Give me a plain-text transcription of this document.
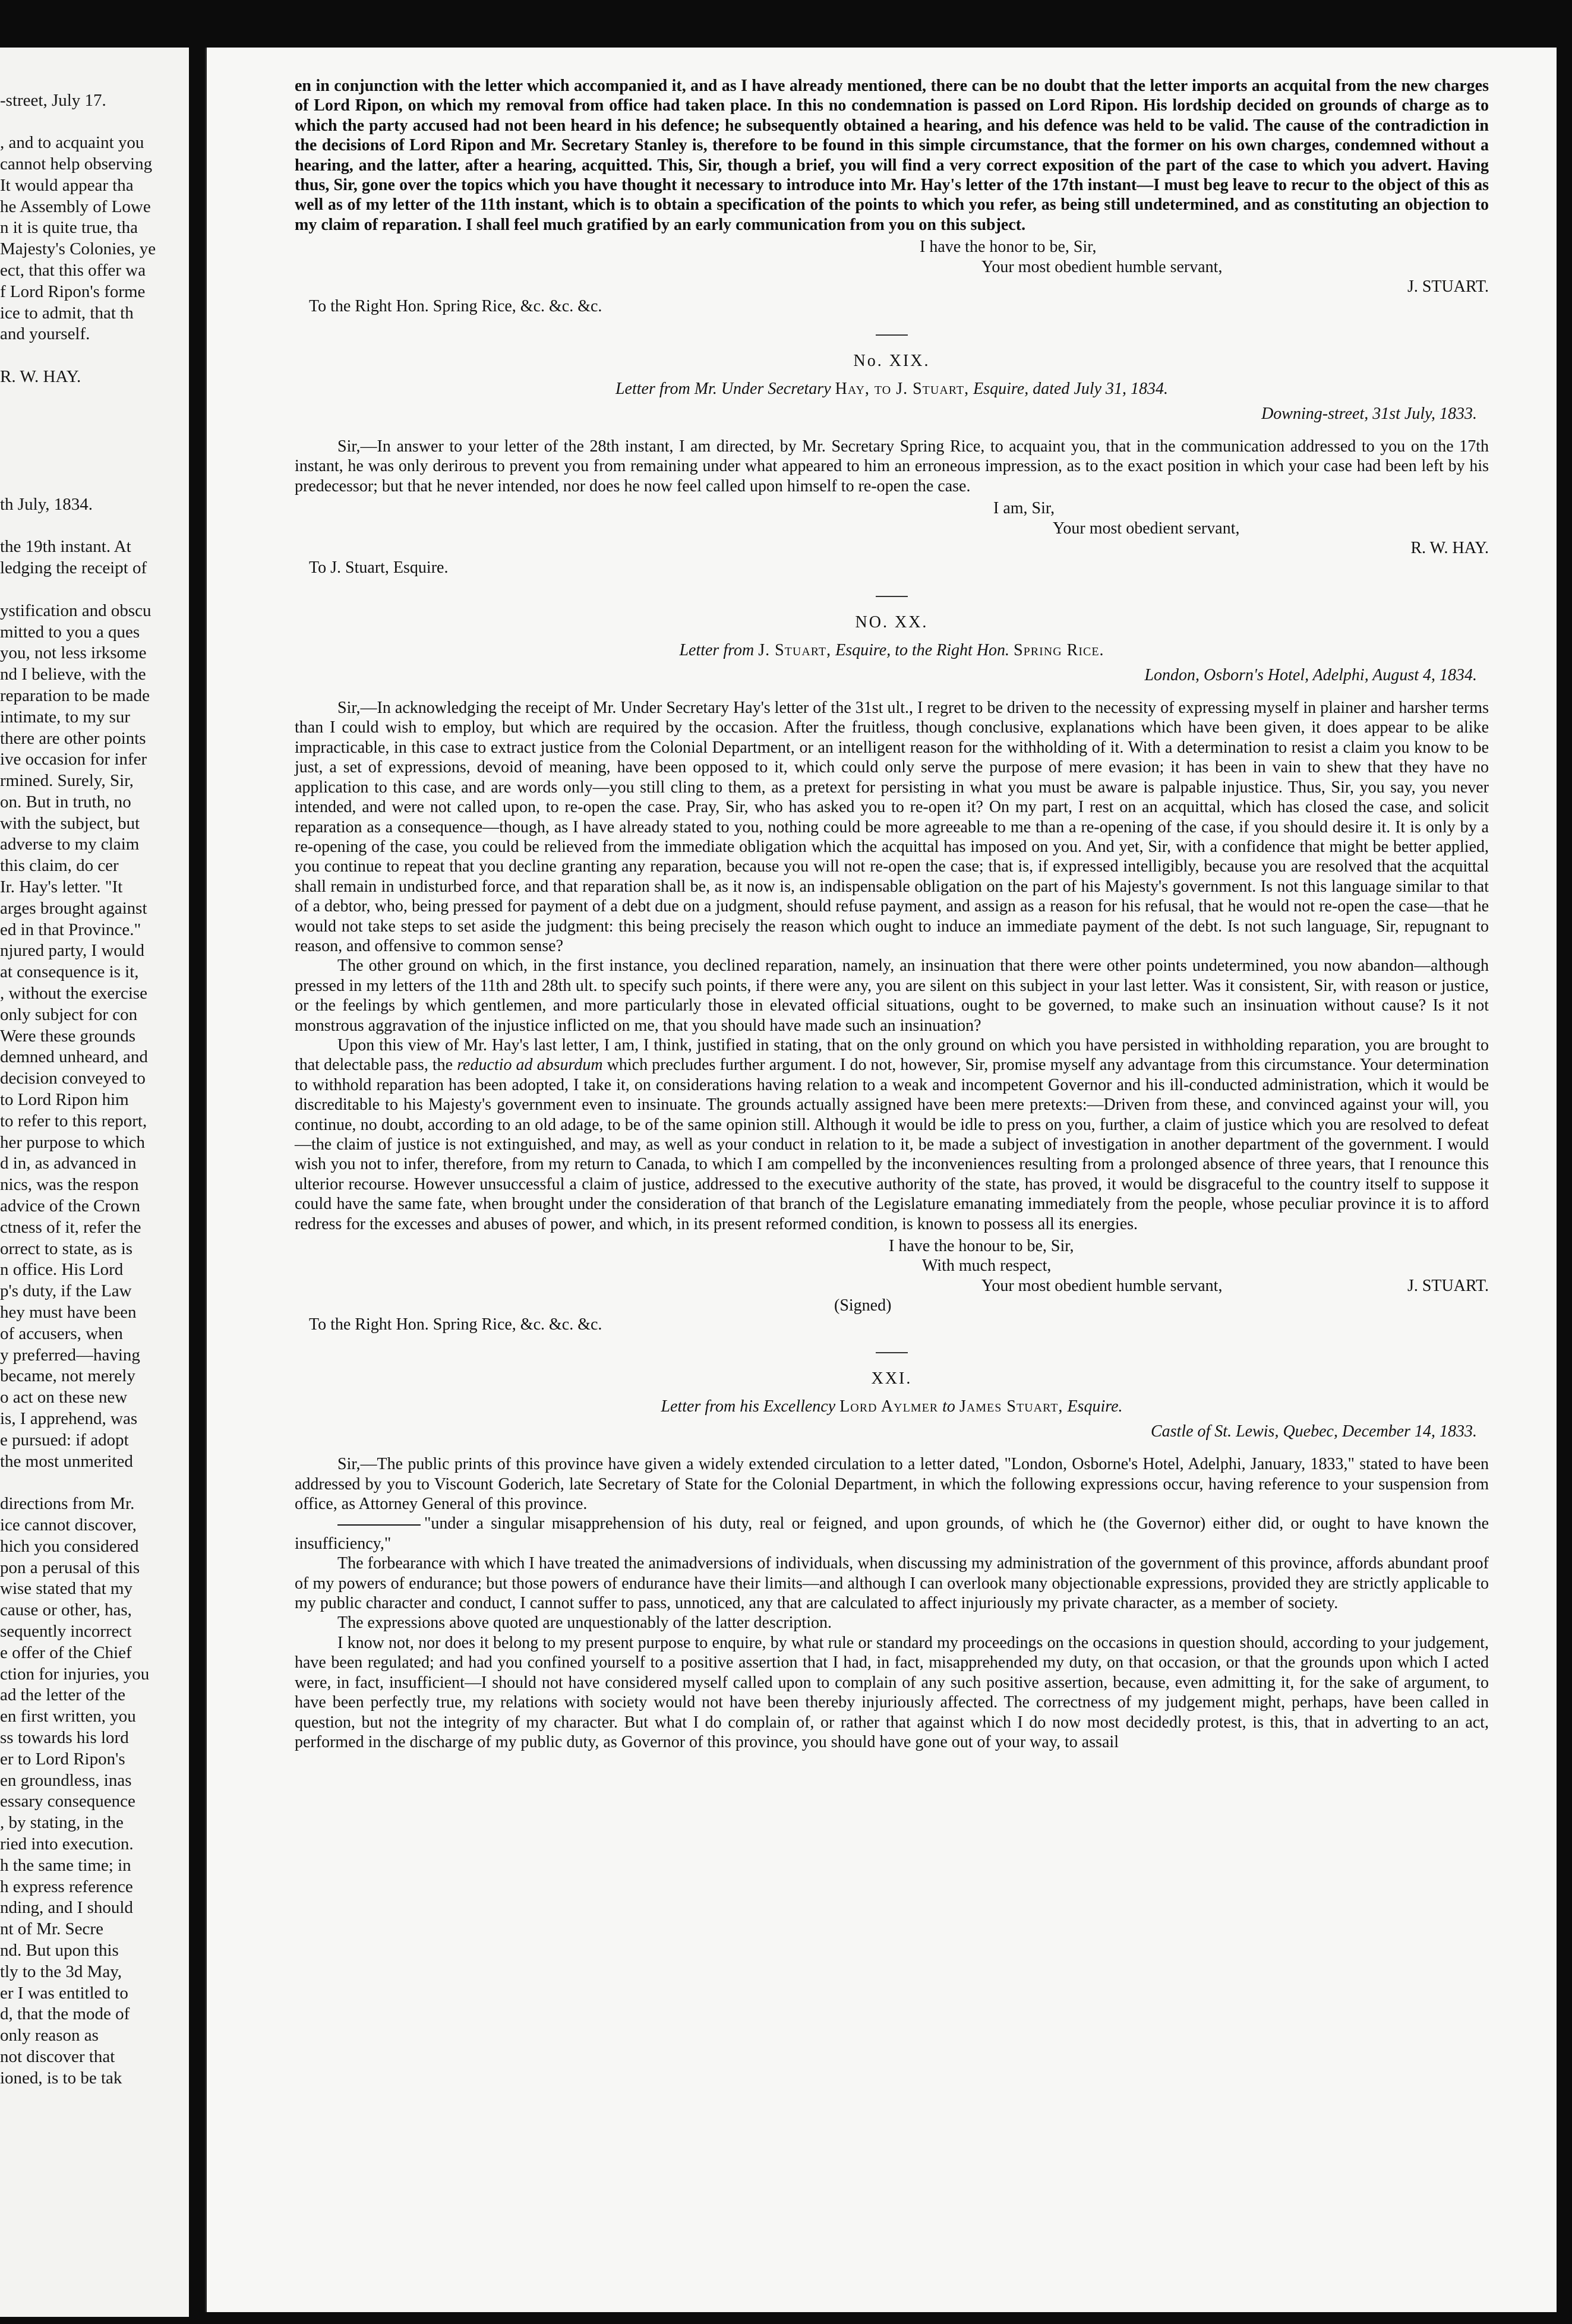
-street, July 17.
, and to acquaint you
cannot help observing
It would appear tha
he Assembly of Lowe
n it is quite true, tha
Majesty's Colonies, ye
ect, that this offer wa
f Lord Ripon's forme
ice to admit, that th
and yourself.
R. W. HAY.
th July, 1834.
the 19th instant. At
ledging the receipt of
ystification and obscu
mitted to you a ques
you, not less irksome
nd I believe, with the
reparation to be made
intimate, to my sur
there are other points
ive occasion for infer
rmined. Surely, Sir,
on. But in truth, no
with the subject, but
adverse to my claim
this claim, do cer
Ir. Hay's letter. "It
arges brought against
ed in that Province."
njured party, I would
at consequence is it,
, without the exercise
only subject for con
Were these grounds
demned unheard, and
decision conveyed to
to Lord Ripon him
to refer to this report,
her purpose to which
d in, as advanced in
nics, was the respon
advice of the Crown
ctness of it, refer the
orrect to state, as is
n office. His Lord
p's duty, if the Law
hey must have been
of accusers, when
y preferred—having
became, not merely
o act on these new
is, I apprehend, was
e pursued: if adopt
the most unmerited
directions from Mr.
ice cannot discover,
hich you considered
pon a perusal of this
wise stated that my
cause or other, has,
sequently incorrect
e offer of the Chief
ction for injuries, you
ad the letter of the
en first written, you
ss towards his lord
er to Lord Ripon's
en groundless, inas
essary consequence
, by stating, in the
ried into execution.
h the same time; in
h express reference
nding, and I should
nt of Mr. Secre
nd. But upon this
tly to the 3d May,
er I was entitled to
d, that the mode of
only reason as
not discover that
ioned, is to be tak

en in conjunction with the letter which accompanied it, and as I have already mentioned, there can be no doubt that the letter imports an acquital from the new charges of Lord Ripon, on which my removal from office had taken place. In this no condemnation is passed on Lord Ripon. His lordship decided on grounds of charge as to which the party accused had not been heard in his defence; he subsequently obtained a hearing, and his defence was held to be valid. The cause of the contradiction in the decisions of Lord Ripon and Mr. Secretary Stanley is, therefore to be found in this simple circumstance, that the former on his own charges, condemned without a hearing, and the latter, after a hearing, acquitted. This, Sir, though a brief, you will find a very correct exposition of the part of the case to which you advert. Having thus, Sir, gone over the topics which you have thought it necessary to introduce into Mr. Hay's letter of the 17th instant—I must beg leave to recur to the object of this as well as of my letter of the 11th instant, which is to obtain a specification of the points to which you refer, as being still undetermined, and as constituting an objection to my claim of reparation. I shall feel much gratified by an early communication from you on this subject.

I have the honor to be, Sir,
Your most obedient humble servant,
J. STUART.
To the Right Hon. Spring Rice, &c. &c. &c.
No. XIX.
Letter from Mr. Under Secretary Hay, to J. Stuart, Esquire, dated July 31, 1834.
Downing-street, 31st July, 1833.

Sir,—In answer to your letter of the 28th instant, I am directed, by Mr. Secretary Spring Rice, to acquaint you, that in the communication addressed to you on the 17th instant, he was only derirous to prevent you from remaining under what appeared to him an erroneous impression, as to the exact position in which your case had been left by his predecessor; but that he never intended, nor does he now feel called upon himself to re-open the case.

I am, Sir,
Your most obedient servant,
R. W. HAY.
To J. Stuart, Esquire.
NO. XX.
Letter from J. Stuart, Esquire, to the Right Hon. Spring Rice.
London, Osborn's Hotel, Adelphi, August 4, 1834.

Sir,—In acknowledging the receipt of Mr. Under Secretary Hay's letter of the 31st ult., I regret to be driven to the necessity of expressing myself in plainer and harsher terms than I could wish to employ, but which are required by the occasion. After the fruitless, though conclusive, explanations which have been given, it does appear to be alike impracticable, in this case to extract justice from the Colonial Department, or an intelligent reason for the withholding of it. With a determination to resist a claim you know to be just, a set of expressions, devoid of meaning, have been opposed to it, which could only serve the purpose of mere evasion; it has been in vain to shew that they have no application to this case, and are words only—you still cling to them, as a pretext for persisting in what you must be aware is palpable injustice. Thus, Sir, you say, you never intended, and were not called upon, to re-open the case. Pray, Sir, who has asked you to re-open it? On my part, I rest on an acquittal, which has closed the case, and solicit reparation as a consequence—though, as I have already stated to you, nothing could be more agreeable to me than a re-opening of the case, if you should desire it. It is only by a re-opening of the case, you could be relieved from the immediate obligation which the acquittal has imposed on you. And yet, Sir, with a confidence that might be better applied, you continue to repeat that you decline granting any reparation, because you will not re-open the case; that is, if expressed intelligibly, because you are resolved that the acquittal shall remain in undisturbed force, and that reparation shall be, as it now is, an indispensable obligation on the part of his Majesty's government. Is not this language similar to that of a debtor, who, being pressed for payment of a debt due on a judgment, should refuse payment, and assign as a reason for his refusal, that he would not re-open the case—that he would not take steps to set aside the judgment: this being precisely the reason which ought to induce an immediate payment of the debt. Is not such language, Sir, repugnant to reason, and offensive to common sense?

The other ground on which, in the first instance, you declined reparation, namely, an insinuation that there were other points undetermined, you now abandon—although pressed in my letters of the 11th and 28th ult. to specify such points, if there were any, you are silent on this subject in your last letter. Was it consistent, Sir, with reason or justice, or the feelings by which gentlemen, and more particularly those in elevated official situations, ought to be governed, to make such an insinuation without cause? Is it not monstrous aggravation of the injustice inflicted on me, that you should have made such an insinuation?

Upon this view of Mr. Hay's last letter, I am, I think, justified in stating, that on the only ground on which you have persisted in withholding reparation, you are brought to that delectable pass, the reductio ad absurdum which precludes further argument. I do not, however, Sir, promise myself any advantage from this circumstance. Your determination to withhold reparation has been adopted, I take it, on considerations having relation to a weak and incompetent Governor and his ill-conducted administration, which it would be discreditable to his Majesty's government even to insinuate. The grounds actually assigned have been mere pretexts:—Driven from these, and convinced against your will, you continue, no doubt, according to an old adage, to be of the same opinion still. Although it would be idle to press on you, further, a claim of justice which you are resolved to defeat—the claim of justice is not extinguished, and may, as well as your conduct in relation to it, be made a subject of investigation in another department of the government. I would wish you not to infer, therefore, from my return to Canada, to which I am compelled by the inconveniences resulting from a prolonged absence of three years, that I renounce this ulterior recourse. However unsuccessful a claim of justice, addressed to the executive authority of the state, has proved, it would be disgraceful to the country itself to suppose it could have the same fate, when brought under the consideration of that branch of the Legislature emanating immediately from the people, whose peculiar province it is to afford redress for the excesses and abuses of power, and which, in its present reformed condition, is known to possess all its energies.

I have the honour to be, Sir,
With much respect,
Your most obedient humble servant,
(Signed)
J. STUART.
To the Right Hon. Spring Rice, &c. &c. &c.
XXI.
Letter from his Excellency Lord Aylmer to James Stuart, Esquire.
Castle of St. Lewis, Quebec, December 14, 1833.

Sir,—The public prints of this province have given a widely extended circulation to a letter dated, "London, Osborne's Hotel, Adelphi, January, 1833," stated to have been addressed by you to Viscount Goderich, late Secretary of State for the Colonial Department, in which the following expressions occur, having reference to your suspension from office, as Attorney General of this province.

"under a singular misapprehension of his duty, real or feigned, and upon grounds, of which he (the Governor) either did, or ought to have known the insufficiency,"

The forbearance with which I have treated the animadversions of individuals, when discussing my administration of the government of this province, affords abundant proof of my powers of endurance; but those powers of endurance have their limits—and although I can overlook many objectionable expressions, provided they are strictly applicable to my public character and conduct, I cannot suffer to pass, unnoticed, any that are calculated to affect injuriously my private character, as a member of society.

The expressions above quoted are unquestionably of the latter description.

I know not, nor does it belong to my present purpose to enquire, by what rule or standard my proceedings on the occasions in question should, according to your judgement, have been regulated; and had you confined yourself to a positive assertion that I had, in fact, misapprehended my duty, on that occasion, or that the grounds upon which I acted were, in fact, insufficient—I should not have considered myself called upon to complain of any such positive assertion, because, even admitting it, for the sake of argument, to have been perfectly true, my relations with society would not have been thereby injuriously affected. The correctness of my judgement might, perhaps, have been called in question, but not the integrity of my character. But what I do complain of, or rather that against which I do now most decidedly protest, is this, that in adverting to an act, performed in the discharge of my public duty, as Governor of this province, you should have gone out of your way, to assail
